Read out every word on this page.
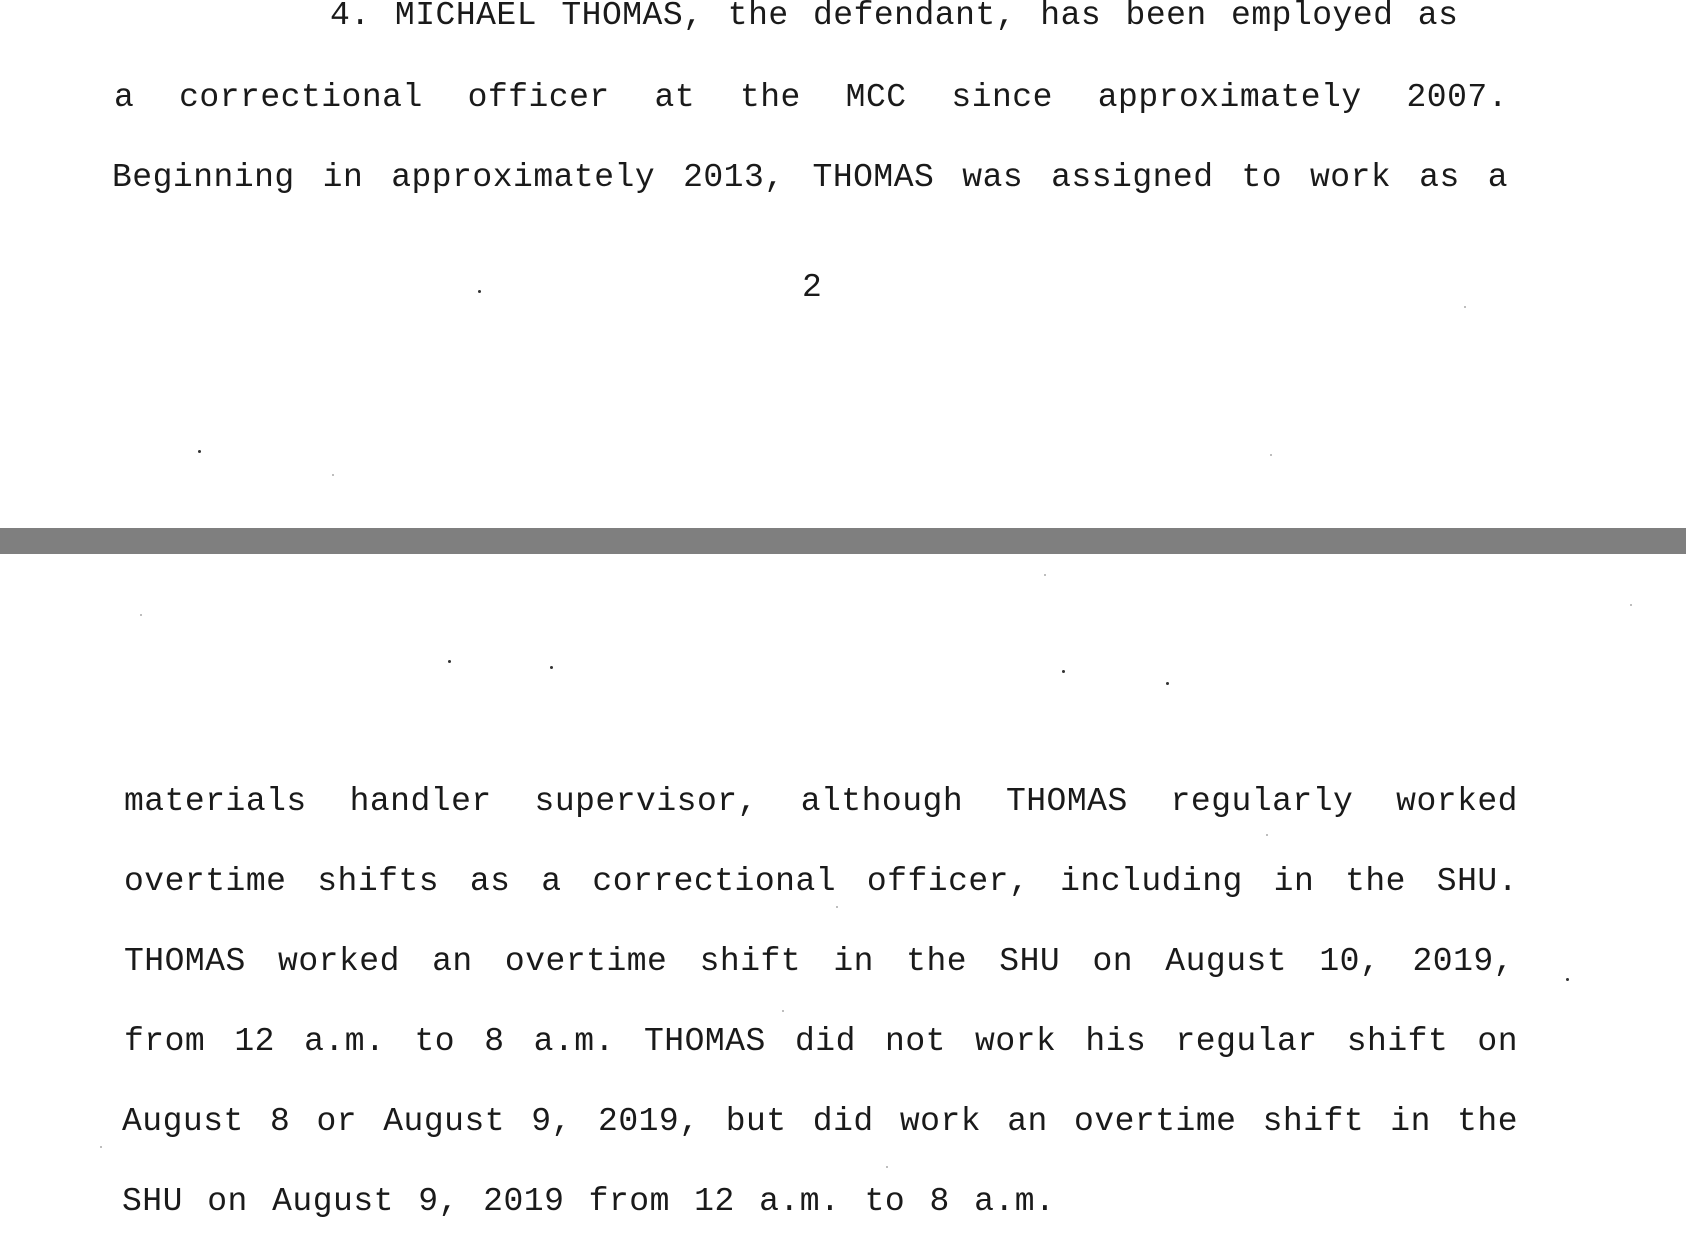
4. MICHAEL THOMAS, the defendant, has been employed as

a correctional officer at the MCC since approximately 2007.

Beginning in approximately 2013, THOMAS was assigned to work as a

2

materials handler supervisor, although THOMAS regularly worked

overtime shifts as a correctional officer, including in the SHU.

THOMAS worked an overtime shift in the SHU on August 10, 2019,

from 12 a.m. to 8 a.m. THOMAS did not work his regular shift on

August 8 or August 9, 2019, but did work an overtime shift in the

SHU on August 9, 2019 from 12 a.m. to 8 a.m.
